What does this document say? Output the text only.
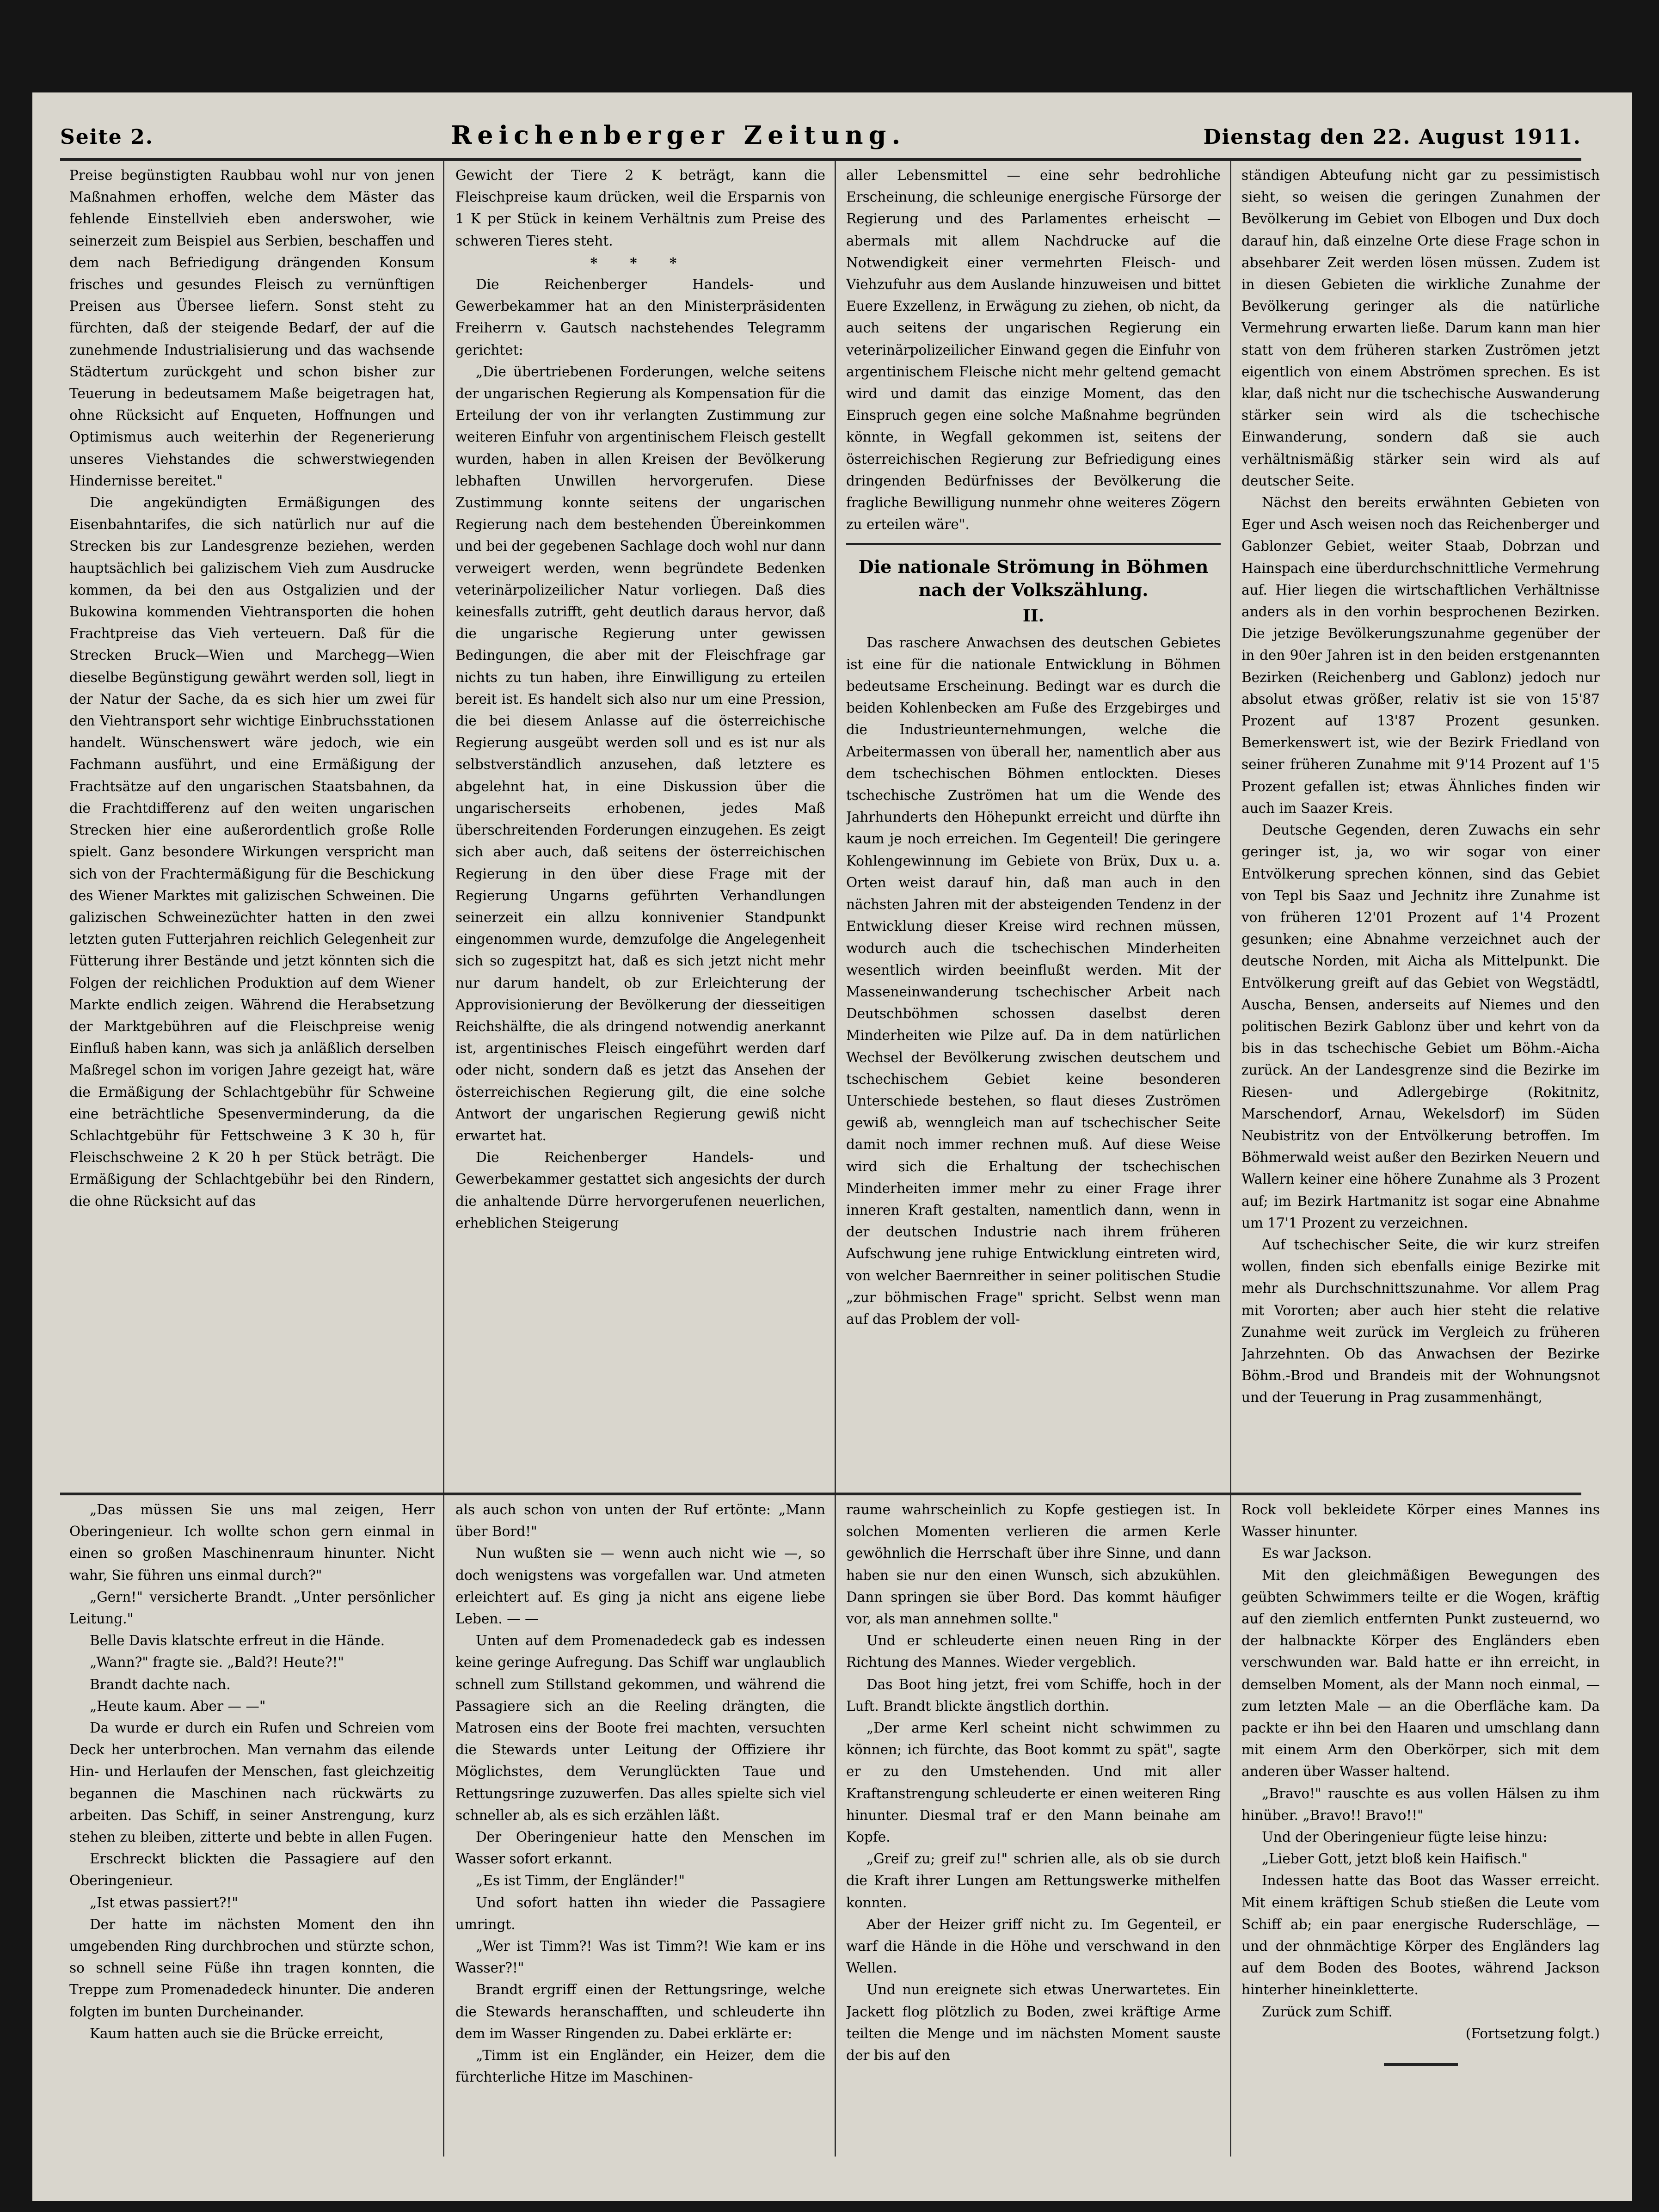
Seite 2.	Reichenberger Zeitung.	Dienstag den 22. August 1911.

Preise begünstigten Raubbau wohl nur von jenen Maßnahmen erhoffen, welche dem Mäster das fehlende Einstellvieh eben anderswoher, wie seinerzeit zum Beispiel aus Serbien, beschaffen und dem nach Befriedigung drängenden Konsum frisches und gesundes Fleisch zu vernünftigen Preisen aus Übersee liefern. Sonst steht zu fürchten, daß der steigende Bedarf, der auf die zunehmende Industrialisierung und das wachsende Städtertum zurückgeht und schon bisher zur Teuerung in bedeutsamem Maße beigetragen hat, ohne Rücksicht auf Enqueten, Hoffnungen und Optimismus auch weiterhin der Regenerierung unseres Viehstandes die schwerstwiegenden Hindernisse bereitet."

Die angekündigten Ermäßigungen des Eisenbahntarifes, die sich natürlich nur auf die Strecken bis zur Landesgrenze beziehen, werden hauptsächlich bei galizischem Vieh zum Ausdrucke kommen, da bei den aus Ostgalizien und der Bukowina kommenden Viehtransporten die hohen Frachtpreise das Vieh verteuern. Daß für die Strecken Bruck—Wien und Marchegg—Wien dieselbe Begünstigung gewährt werden soll, liegt in der Natur der Sache, da es sich hier um zwei für den Viehtransport sehr wichtige Einbruchsstationen handelt. Wünschenswert wäre jedoch, wie ein Fachmann ausführt, und eine Ermäßigung der Frachtsätze auf den ungarischen Staatsbahnen, da die Frachtdifferenz auf den weiten ungarischen Strecken hier eine außerordentlich große Rolle spielt. Ganz besondere Wirkungen verspricht man sich von der Frachtermäßigung für die Beschickung des Wiener Marktes mit galizischen Schweinen. Die galizischen Schweinezüchter hatten in den zwei letzten guten Futterjahren reichlich Gelegenheit zur Fütterung ihrer Bestände und jetzt könnten sich die Folgen der reichlichen Produktion auf dem Wiener Markte endlich zeigen. Während die Herabsetzung der Marktgebühren auf die Fleischpreise wenig Einfluß haben kann, was sich ja anläßlich derselben Maßregel schon im vorigen Jahre gezeigt hat, wäre die Ermäßigung der Schlachtgebühr für Schweine eine beträchtliche Spesenverminderung, da die Schlachtgebühr für Fettschweine 3 K 30 h, für Fleischschweine 2 K 20 h per Stück beträgt. Die Ermäßigung der Schlachtgebühr bei den Rindern, die ohne Rücksicht auf das

Gewicht der Tiere 2 K beträgt, kann die Fleischpreise kaum drücken, weil die Ersparnis von 1 K per Stück in keinem Verhältnis zum Preise des schweren Tieres steht.

* * *

Die Reichenberger Handels- und Gewerbekammer hat an den Ministerpräsidenten Freiherrn v. Gautsch nachstehendes Telegramm gerichtet:

„Die übertriebenen Forderungen, welche seitens der ungarischen Regierung als Kompensation für die Erteilung der von ihr verlangten Zustimmung zur weiteren Einfuhr von argentinischem Fleisch gestellt wurden, haben in allen Kreisen der Bevölkerung lebhaften Unwillen hervorgerufen. Diese Zustimmung konnte seitens der ungarischen Regierung nach dem bestehenden Übereinkommen und bei der gegebenen Sachlage doch wohl nur dann verweigert werden, wenn begründete Bedenken veterinärpolizeilicher Natur vorliegen. Daß dies keinesfalls zutrifft, geht deutlich daraus hervor, daß die ungarische Regierung unter gewissen Bedingungen, die aber mit der Fleischfrage gar nichts zu tun haben, ihre Einwilligung zu erteilen bereit ist. Es handelt sich also nur um eine Pression, die bei diesem Anlasse auf die österreichische Regierung ausgeübt werden soll und es ist nur als selbstverständlich anzusehen, daß letztere es abgelehnt hat, in eine Diskussion über die ungarischerseits erhobenen, jedes Maß überschreitenden Forderungen einzugehen. Es zeigt sich aber auch, daß seitens der österreichischen Regierung in den über diese Frage mit der Regierung Ungarns geführten Verhandlungen seinerzeit ein allzu konnivenier Standpunkt eingenommen wurde, demzufolge die Angelegenheit sich so zugespitzt hat, daß es sich jetzt nicht mehr nur darum handelt, ob zur Erleichterung der Approvisionierung der Bevölkerung der diesseitigen Reichshälfte, die als dringend notwendig anerkannt ist, argentinisches Fleisch eingeführt werden darf oder nicht, sondern daß es jetzt das Ansehen der österreichischen Regierung gilt, die eine solche Antwort der ungarischen Regierung gewiß nicht erwartet hat.

Die Reichenberger Handels- und Gewerbekammer gestattet sich angesichts der durch die anhaltende Dürre hervorgerufenen neuerlichen, erheblichen Steigerung

aller Lebensmittel — eine sehr bedrohliche Erscheinung, die schleunige energische Fürsorge der Regierung und des Parlamentes erheischt — abermals mit allem Nachdrucke auf die Notwendigkeit einer vermehrten Fleisch- und Viehzufuhr aus dem Auslande hinzuweisen und bittet Euere Exzellenz, in Erwägung zu ziehen, ob nicht, da auch seitens der ungarischen Regierung ein veterinärpolizeilicher Einwand gegen die Einfuhr von argentinischem Fleische nicht mehr geltend gemacht wird und damit das einzige Moment, das den Einspruch gegen eine solche Maßnahme begründen könnte, in Wegfall gekommen ist, seitens der österreichischen Regierung zur Befriedigung eines dringenden Bedürfnisses der Bevölkerung die fragliche Bewilligung nunmehr ohne weiteres Zögern zu erteilen wäre".

Die nationale Strömung in Böhmen nach der Volkszählung.
II.

Das raschere Anwachsen des deutschen Gebietes ist eine für die nationale Entwicklung in Böhmen bedeutsame Erscheinung. Bedingt war es durch die beiden Kohlenbecken am Fuße des Erzgebirges und die Industrieunternehmungen, welche die Arbeitermassen von überall her, namentlich aber aus dem tschechischen Böhmen entlockten. Dieses tschechische Zuströmen hat um die Wende des Jahrhunderts den Höhepunkt erreicht und dürfte ihn kaum je noch erreichen. Im Gegenteil! Die geringere Kohlengewinnung im Gebiete von Brüx, Dux u. a. Orten weist darauf hin, daß man auch in den nächsten Jahren mit der absteigenden Tendenz in der Entwicklung dieser Kreise wird rechnen müssen, wodurch auch die tschechischen Minderheiten wesentlich wirden beeinflußt werden. Mit der Masseneinwanderung tschechischer Arbeit nach Deutschböhmen schossen daselbst deren Minderheiten wie Pilze auf. Da in dem natürlichen Wechsel der Bevölkerung zwischen deutschem und tschechischem Gebiet keine besonderen Unterschiede bestehen, so flaut dieses Zuströmen gewiß ab, wenngleich man auf tschechischer Seite damit noch immer rechnen muß. Auf diese Weise wird sich die Erhaltung der tschechischen Minderheiten immer mehr zu einer Frage ihrer inneren Kraft gestalten, namentlich dann, wenn in der deutschen Industrie nach ihrem früheren Aufschwung jene ruhige Entwicklung eintreten wird, von welcher Baernreither in seiner politischen Studie „zur böhmischen Frage" spricht. Selbst wenn man auf das Problem der voll-

ständigen Abteufung nicht gar zu pessimistisch sieht, so weisen die geringen Zunahmen der Bevölkerung im Gebiet von Elbogen und Dux doch darauf hin, daß einzelne Orte diese Frage schon in absehbarer Zeit werden lösen müssen. Zudem ist in diesen Gebieten die wirkliche Zunahme der Bevölkerung geringer als die natürliche Vermehrung erwarten ließe. Darum kann man hier statt von dem früheren starken Zuströmen jetzt eigentlich von einem Abströmen sprechen. Es ist klar, daß nicht nur die tschechische Auswanderung stärker sein wird als die tschechische Einwanderung, sondern daß sie auch verhältnismäßig stärker sein wird als auf deutscher Seite.

Nächst den bereits erwähnten Gebieten von Eger und Asch weisen noch das Reichenberger und Gablonzer Gebiet, weiter Staab, Dobrzan und Hainspach eine überdurchschnittliche Vermehrung auf. Hier liegen die wirtschaftlichen Verhältnisse anders als in den vorhin besprochenen Bezirken. Die jetzige Bevölkerungszunahme gegenüber der in den 90er Jahren ist in den beiden erstgenannten Bezirken (Reichenberg und Gablonz) jedoch nur absolut etwas größer, relativ ist sie von 15'87 Prozent auf 13'87 Prozent gesunken. Bemerkenswert ist, wie der Bezirk Friedland von seiner früheren Zunahme mit 9'14 Prozent auf 1'5 Prozent gefallen ist; etwas Ähnliches finden wir auch im Saazer Kreis.

Deutsche Gegenden, deren Zuwachs ein sehr geringer ist, ja, wo wir sogar von einer Entvölkerung sprechen können, sind das Gebiet von Tepl bis Saaz und Jechnitz ihre Zunahme ist von früheren 12'01 Prozent auf 1'4 Prozent gesunken; eine Abnahme verzeichnet auch der deutsche Norden, mit Aicha als Mittelpunkt. Die Entvölkerung greift auf das Gebiet von Wegstädtl, Auscha, Bensen, anderseits auf Niemes und den politischen Bezirk Gablonz über und kehrt von da bis in das tschechische Gebiet um Böhm.-Aicha zurück. An der Landesgrenze sind die Bezirke im Riesen- und Adlergebirge (Rokitnitz, Marschendorf, Arnau, Wekelsdorf) im Süden Neubistritz von der Entvölkerung betroffen. Im Böhmerwald weist außer den Bezirken Neuern und Wallern keiner eine höhere Zunahme als 3 Prozent auf; im Bezirk Hartmanitz ist sogar eine Abnahme um 17'1 Prozent zu verzeichnen.

Auf tschechischer Seite, die wir kurz streifen wollen, finden sich ebenfalls einige Bezirke mit mehr als Durchschnittszunahme. Vor allem Prag mit Vororten; aber auch hier steht die relative Zunahme weit zurück im Vergleich zu früheren Jahrzehnten. Ob das Anwachsen der Bezirke Böhm.-Brod und Brandeis mit der Wohnungsnot und der Teuerung in Prag zusammenhängt,

„Das müssen Sie uns mal zeigen, Herr Oberingenieur. Ich wollte schon gern einmal in einen so großen Maschinenraum hinunter. Nicht wahr, Sie führen uns einmal durch?"

„Gern!" versicherte Brandt. „Unter persönlicher Leitung."

Belle Davis klatschte erfreut in die Hände.

„Wann?" fragte sie. „Bald?! Heute?!"

Brandt dachte nach.

„Heute kaum. Aber — —"

Da wurde er durch ein Rufen und Schreien vom Deck her unterbrochen. Man vernahm das eilende Hin- und Herlaufen der Menschen, fast gleichzeitig begannen die Maschinen nach rückwärts zu arbeiten. Das Schiff, in seiner Anstrengung, kurz stehen zu bleiben, zitterte und bebte in allen Fugen.

Erschreckt blickten die Passagiere auf den Oberingenieur.

„Ist etwas passiert?!"

Der hatte im nächsten Moment den ihn umgebenden Ring durchbrochen und stürzte schon, so schnell seine Füße ihn tragen konnten, die Treppe zum Promenadedeck hinunter. Die anderen folgten im bunten Durcheinander.

Kaum hatten auch sie die Brücke erreicht,

als auch schon von unten der Ruf ertönte: „Mann über Bord!"

Nun wußten sie — wenn auch nicht wie —, so doch wenigstens was vorgefallen war. Und atmeten erleichtert auf. Es ging ja nicht ans eigene liebe Leben. — —

Unten auf dem Promenadedeck gab es indessen keine geringe Aufregung. Das Schiff war unglaublich schnell zum Stillstand gekommen, und während die Passagiere sich an die Reeling drängten, die Matrosen eins der Boote frei machten, versuchten die Stewards unter Leitung der Offiziere ihr Möglichstes, dem Verunglückten Taue und Rettungsringe zuzuwerfen. Das alles spielte sich viel schneller ab, als es sich erzählen läßt.

Der Oberingenieur hatte den Menschen im Wasser sofort erkannt.

„Es ist Timm, der Engländer!"

Und sofort hatten ihn wieder die Passagiere umringt.

„Wer ist Timm?! Was ist Timm?! Wie kam er ins Wasser?!"

Brandt ergriff einen der Rettungsringe, welche die Stewards heranschafften, und schleuderte ihn dem im Wasser Ringenden zu. Dabei erklärte er:

„Timm ist ein Engländer, ein Heizer, dem die fürchterliche Hitze im Maschinen-

raume wahrscheinlich zu Kopfe gestiegen ist. In solchen Momenten verlieren die armen Kerle gewöhnlich die Herrschaft über ihre Sinne, und dann haben sie nur den einen Wunsch, sich abzukühlen. Dann springen sie über Bord. Das kommt häufiger vor, als man annehmen sollte."

Und er schleuderte einen neuen Ring in der Richtung des Mannes. Wieder vergeblich.

Das Boot hing jetzt, frei vom Schiffe, hoch in der Luft. Brandt blickte ängstlich dorthin.

„Der arme Kerl scheint nicht schwimmen zu können; ich fürchte, das Boot kommt zu spät", sagte er zu den Umstehenden. Und mit aller Kraftanstrengung schleuderte er einen weiteren Ring hinunter. Diesmal traf er den Mann beinahe am Kopfe.

„Greif zu; greif zu!" schrien alle, als ob sie durch die Kraft ihrer Lungen am Rettungswerke mithelfen konnten.

Aber der Heizer griff nicht zu. Im Gegenteil, er warf die Hände in die Höhe und verschwand in den Wellen.

Und nun ereignete sich etwas Unerwartetes. Ein Jackett flog plötzlich zu Boden, zwei kräftige Arme teilten die Menge und im nächsten Moment sauste der bis auf den

Rock voll bekleidete Körper eines Mannes ins Wasser hinunter.

Es war Jackson.

Mit den gleichmäßigen Bewegungen des geübten Schwimmers teilte er die Wogen, kräftig auf den ziemlich entfernten Punkt zusteuernd, wo der halbnackte Körper des Engländers eben verschwunden war. Bald hatte er ihn erreicht, in demselben Moment, als der Mann noch einmal, — zum letzten Male — an die Oberfläche kam. Da packte er ihn bei den Haaren und umschlang dann mit einem Arm den Oberkörper, sich mit dem anderen über Wasser haltend.

„Bravo!" rauschte es aus vollen Hälsen zu ihm hinüber. „Bravo!! Bravo!!"

Und der Oberingenieur fügte leise hinzu:

„Lieber Gott, jetzt bloß kein Haifisch."

Indessen hatte das Boot das Wasser erreicht. Mit einem kräftigen Schub stießen die Leute vom Schiff ab; ein paar energische Ruderschläge, — und der ohnmächtige Körper des Engländers lag auf dem Boden des Bootes, während Jackson hinterher hineinkletterte.

Zurück zum Schiff.

(Fortsetzung folgt.)
